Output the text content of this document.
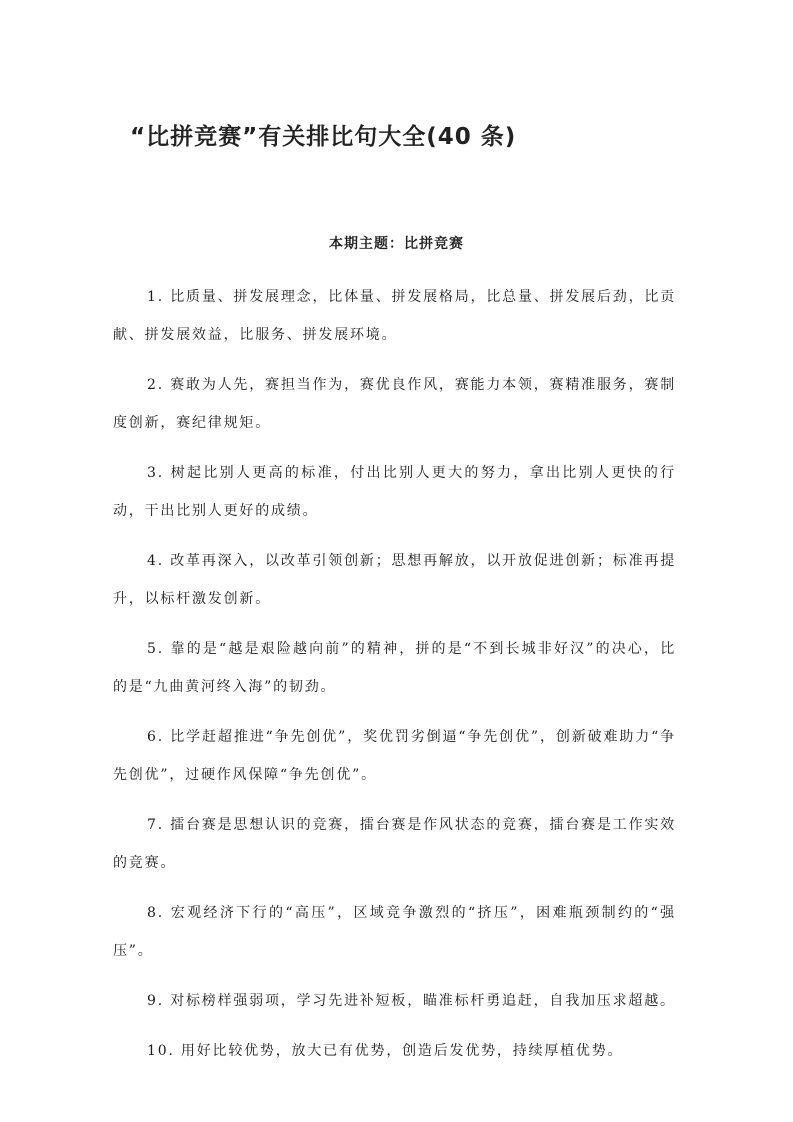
“比拼竞赛”有关排比句大全(40 条)

本期主题：比拼竞赛

1. 比质量、拼发展理念，比体量、拼发展格局，比总量、拼发展后劲，比贡献、拼发展效益，比服务、拼发展环境。
2. 赛敢为人先，赛担当作为，赛优良作风，赛能力本领，赛精准服务，赛制度创新，赛纪律规矩。
3. 树起比别人更高的标准，付出比别人更大的努力，拿出比别人更快的行动，干出比别人更好的成绩。
4. 改革再深入，以改革引领创新；思想再解放，以开放促进创新；标准再提升，以标杆激发创新。
5. 靠的是“越是艰险越向前”的精神，拼的是“不到长城非好汉”的决心，比的是“九曲黄河终入海”的韧劲。
6. 比学赶超推进“争先创优”，奖优罚劣倒逼“争先创优”，创新破难助力“争先创优”，过硬作风保障“争先创优”。
7. 擂台赛是思想认识的竞赛，擂台赛是作风状态的竞赛，擂台赛是工作实效的竞赛。
8. 宏观经济下行的“高压”，区域竞争激烈的“挤压”，困难瓶颈制约的“强压”。
9. 对标榜样强弱项，学习先进补短板，瞄准标杆勇追赶，自我加压求超越。
10. 用好比较优势，放大已有优势，创造后发优势，持续厚植优势。
